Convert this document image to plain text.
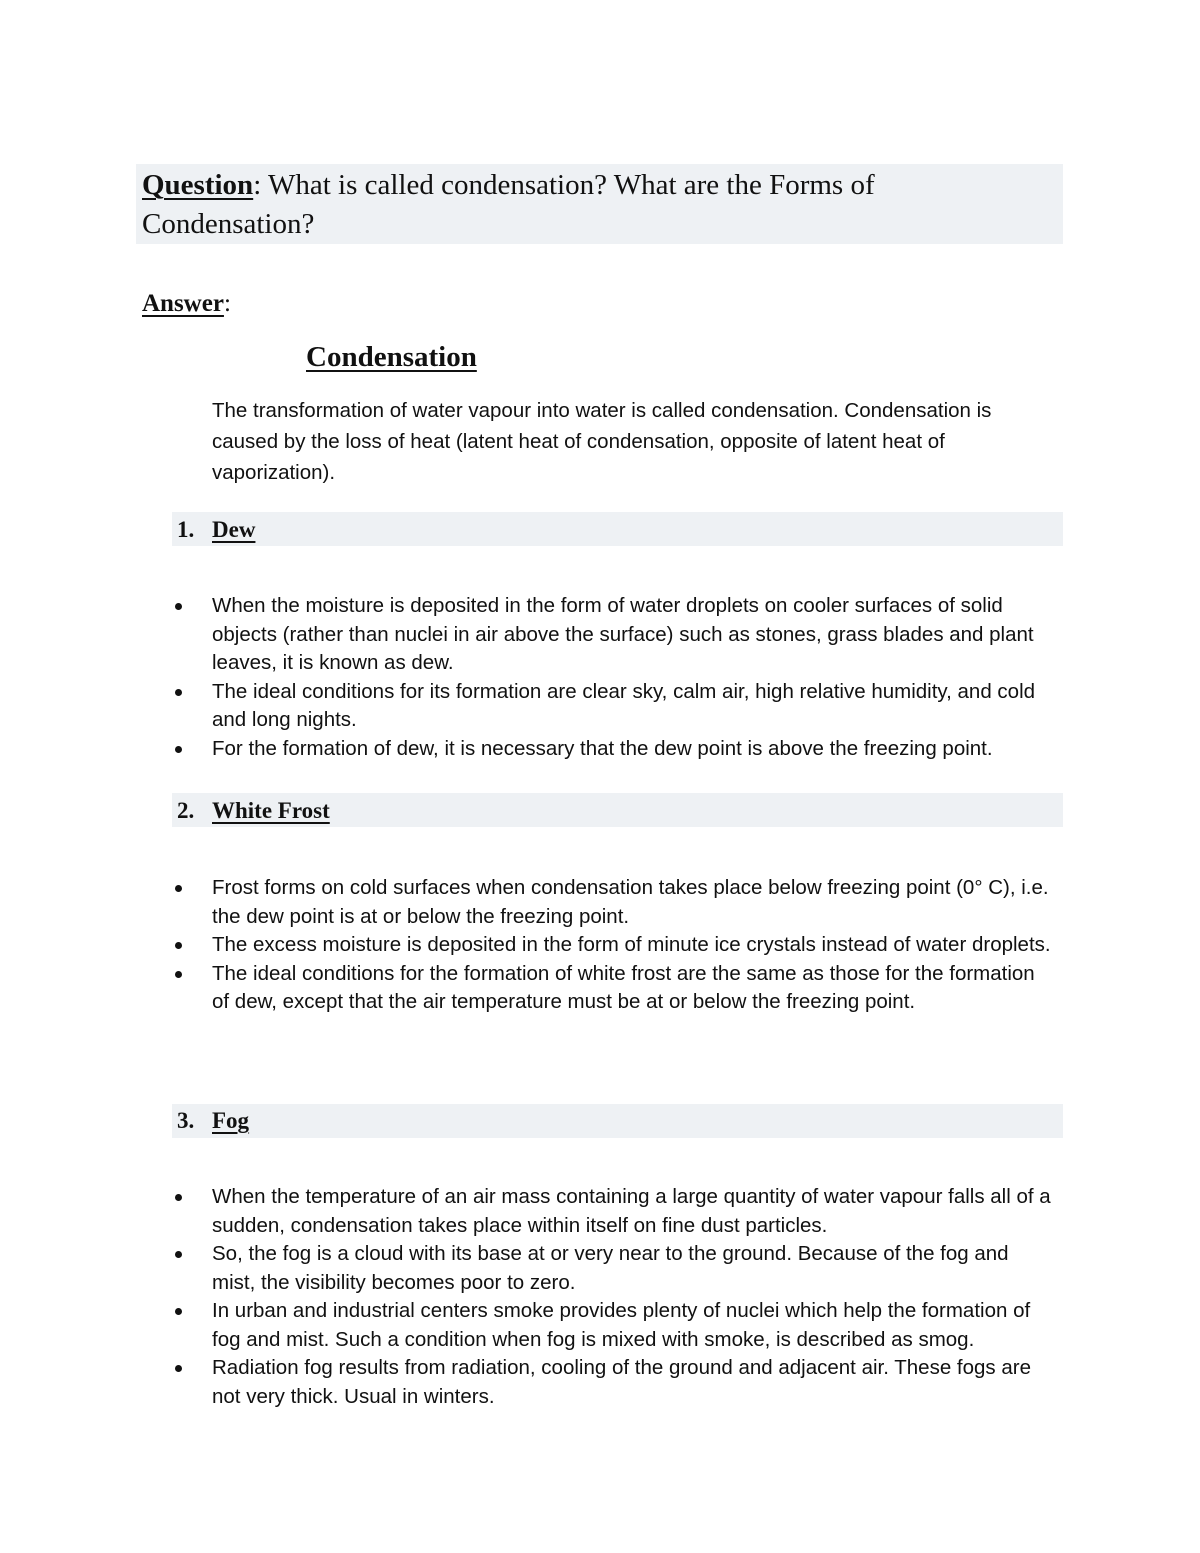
Question: What is called condensation? What are the Forms of Condensation?
Answer:
Condensation
The transformation of water vapour into water is called condensation. Condensation is caused by the loss of heat (latent heat of condensation, opposite of latent heat of vaporization).
1. Dew
When the moisture is deposited in the form of water droplets on cooler surfaces of solid objects (rather than nuclei in air above the surface) such as stones, grass blades and plant leaves, it is known as dew.
The ideal conditions for its formation are clear sky, calm air, high relative humidity, and cold and long nights.
For the formation of dew, it is necessary that the dew point is above the freezing point.
2. White Frost
Frost forms on cold surfaces when condensation takes place below freezing point (0° C), i.e. the dew point is at or below the freezing point.
The excess moisture is deposited in the form of minute ice crystals instead of water droplets.
The ideal conditions for the formation of white frost are the same as those for the formation of dew, except that the air temperature must be at or below the freezing point.
3. Fog
When the temperature of an air mass containing a large quantity of water vapour falls all of a sudden, condensation takes place within itself on fine dust particles.
So, the fog is a cloud with its base at or very near to the ground. Because of the fog and mist, the visibility becomes poor to zero.
In urban and industrial centers smoke provides plenty of nuclei which help the formation of fog and mist. Such a condition when fog is mixed with smoke, is described as smog.
Radiation fog results from radiation, cooling of the ground and adjacent air. These fogs are not very thick. Usual in winters.
